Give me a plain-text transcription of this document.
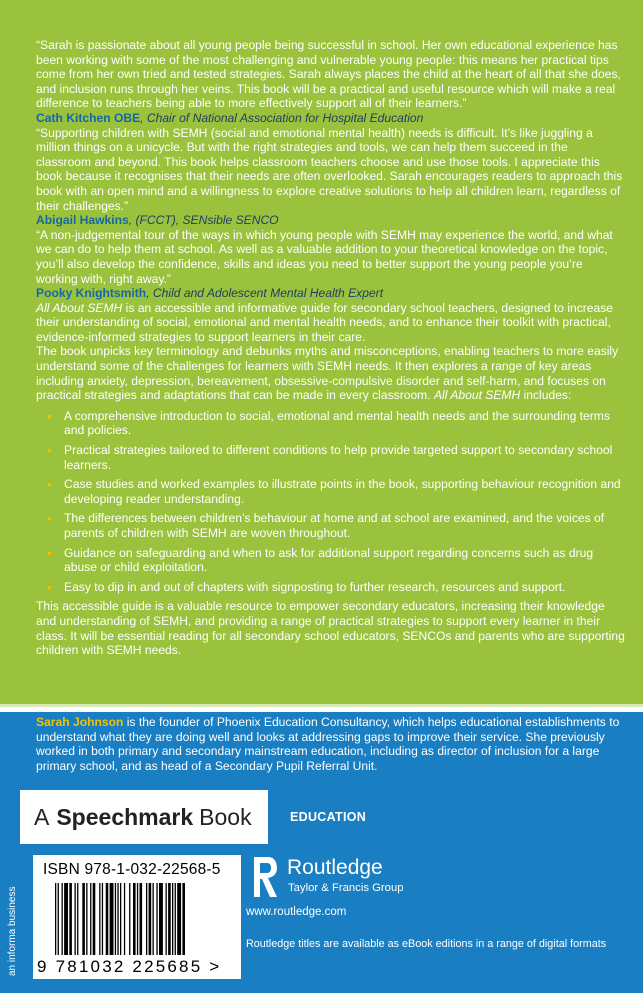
“Sarah is passionate about all young people being successful in school. Her own educational experience has been working with some of the most challenging and vulnerable young people: this means her practical tips come from her own tried and tested strategies. Sarah always places the child at the heart of all that she does, and inclusion runs through her veins. This book will be a practical and useful resource which will make a real difference to teachers being able to more effectively support all of their learners.”

Cath Kitchen OBE, Chair of National Association for Hospital Education

“Supporting children with SEMH (social and emotional mental health) needs is difficult. It’s like juggling a million things on a unicycle. But with the right strategies and tools, we can help them succeed in the classroom and beyond. This book helps classroom teachers choose and use those tools. I appreciate this book because it recognises that their needs are often overlooked. Sarah encourages readers to approach this book with an open mind and a willingness to explore creative solutions to help all children learn, regardless of their challenges.”

Abigail Hawkins, (FCCT), SENsible SENCO

“A non-judgemental tour of the ways in which young people with SEMH may experience the world, and what we can do to help them at school. As well as a valuable addition to your theoretical knowledge on the topic, you’ll also develop the confidence, skills and ideas you need to better support the young people you’re working with, right away.”

Pooky Knightsmith, Child and Adolescent Mental Health Expert

All About SEMH is an accessible and informative guide for secondary school teachers, designed to increase their understanding of social, emotional and mental health needs, and to enhance their toolkit with practical, evidence-informed strategies to support learners in their care.

The book unpicks key terminology and debunks myths and misconceptions, enabling teachers to more easily understand some of the challenges for learners with SEMH needs. It then explores a range of key areas including anxiety, depression, bereavement, obsessive-compulsive disorder and self-harm, and focuses on practical strategies and adaptations that can be made in every classroom. All About SEMH includes:

• A comprehensive introduction to social, emotional and mental health needs and the surrounding terms and policies.
• Practical strategies tailored to different conditions to help provide targeted support to secondary school learners.
• Case studies and worked examples to illustrate points in the book, supporting behaviour recognition and developing reader understanding.
• The differences between children’s behaviour at home and at school are examined, and the voices of parents of children with SEMH are woven throughout.
• Guidance on safeguarding and when to ask for additional support regarding concerns such as drug abuse or child exploitation.
• Easy to dip in and out of chapters with signposting to further research, resources and support.

This accessible guide is a valuable resource to empower secondary educators, increasing their knowledge and understanding of SEMH, and providing a range of practical strategies to support every learner in their class. It will be essential reading for all secondary school educators, SENCOs and parents who are supporting children with SEMH needs.

Sarah Johnson is the founder of Phoenix Education Consultancy, which helps educational establishments to understand what they are doing well and looks at addressing gaps to improve their service. She previously worked in both primary and secondary mainstream education, including as director of inclusion for a large primary school, and as head of a Secondary Pupil Referral Unit.
A Speechmark Book	EDUCATION
an informa business
ISBN 978-1-032-22568-5
9 781032 225685 >
Routledge
Taylor & Francis Group
www.routledge.com
Routledge titles are available as eBook editions in a range of digital formats
